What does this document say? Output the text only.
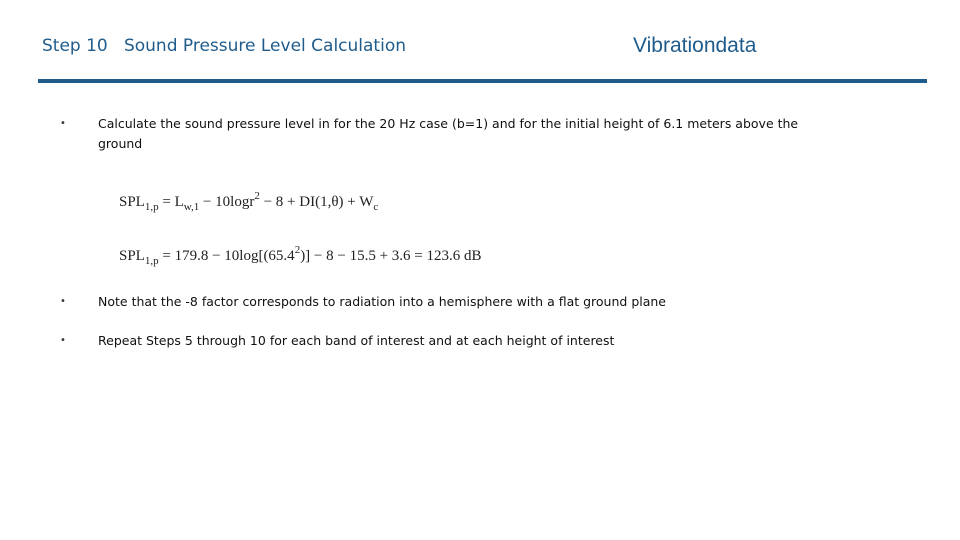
Step 10   Sound Pressure Level Calculation	Vibrationdata
•	Calculate the sound pressure level in for the 20 Hz case (b=1) and for the initial height of 6.1 meters above the ground
$SPL_{1,p} = L_{w,1} - 10\log r^2 - 8 + DI(1,\theta) + W_c$
$SPL_{1,p} = 179.8 - 10\log[(65.4^2)] - 8 - 15.5 + 3.6 = 123.6$ dB
•	Note that the -8 factor corresponds to radiation into a hemisphere with a flat ground plane
•	Repeat Steps 5 through 10 for each band of interest and at each height of interest
